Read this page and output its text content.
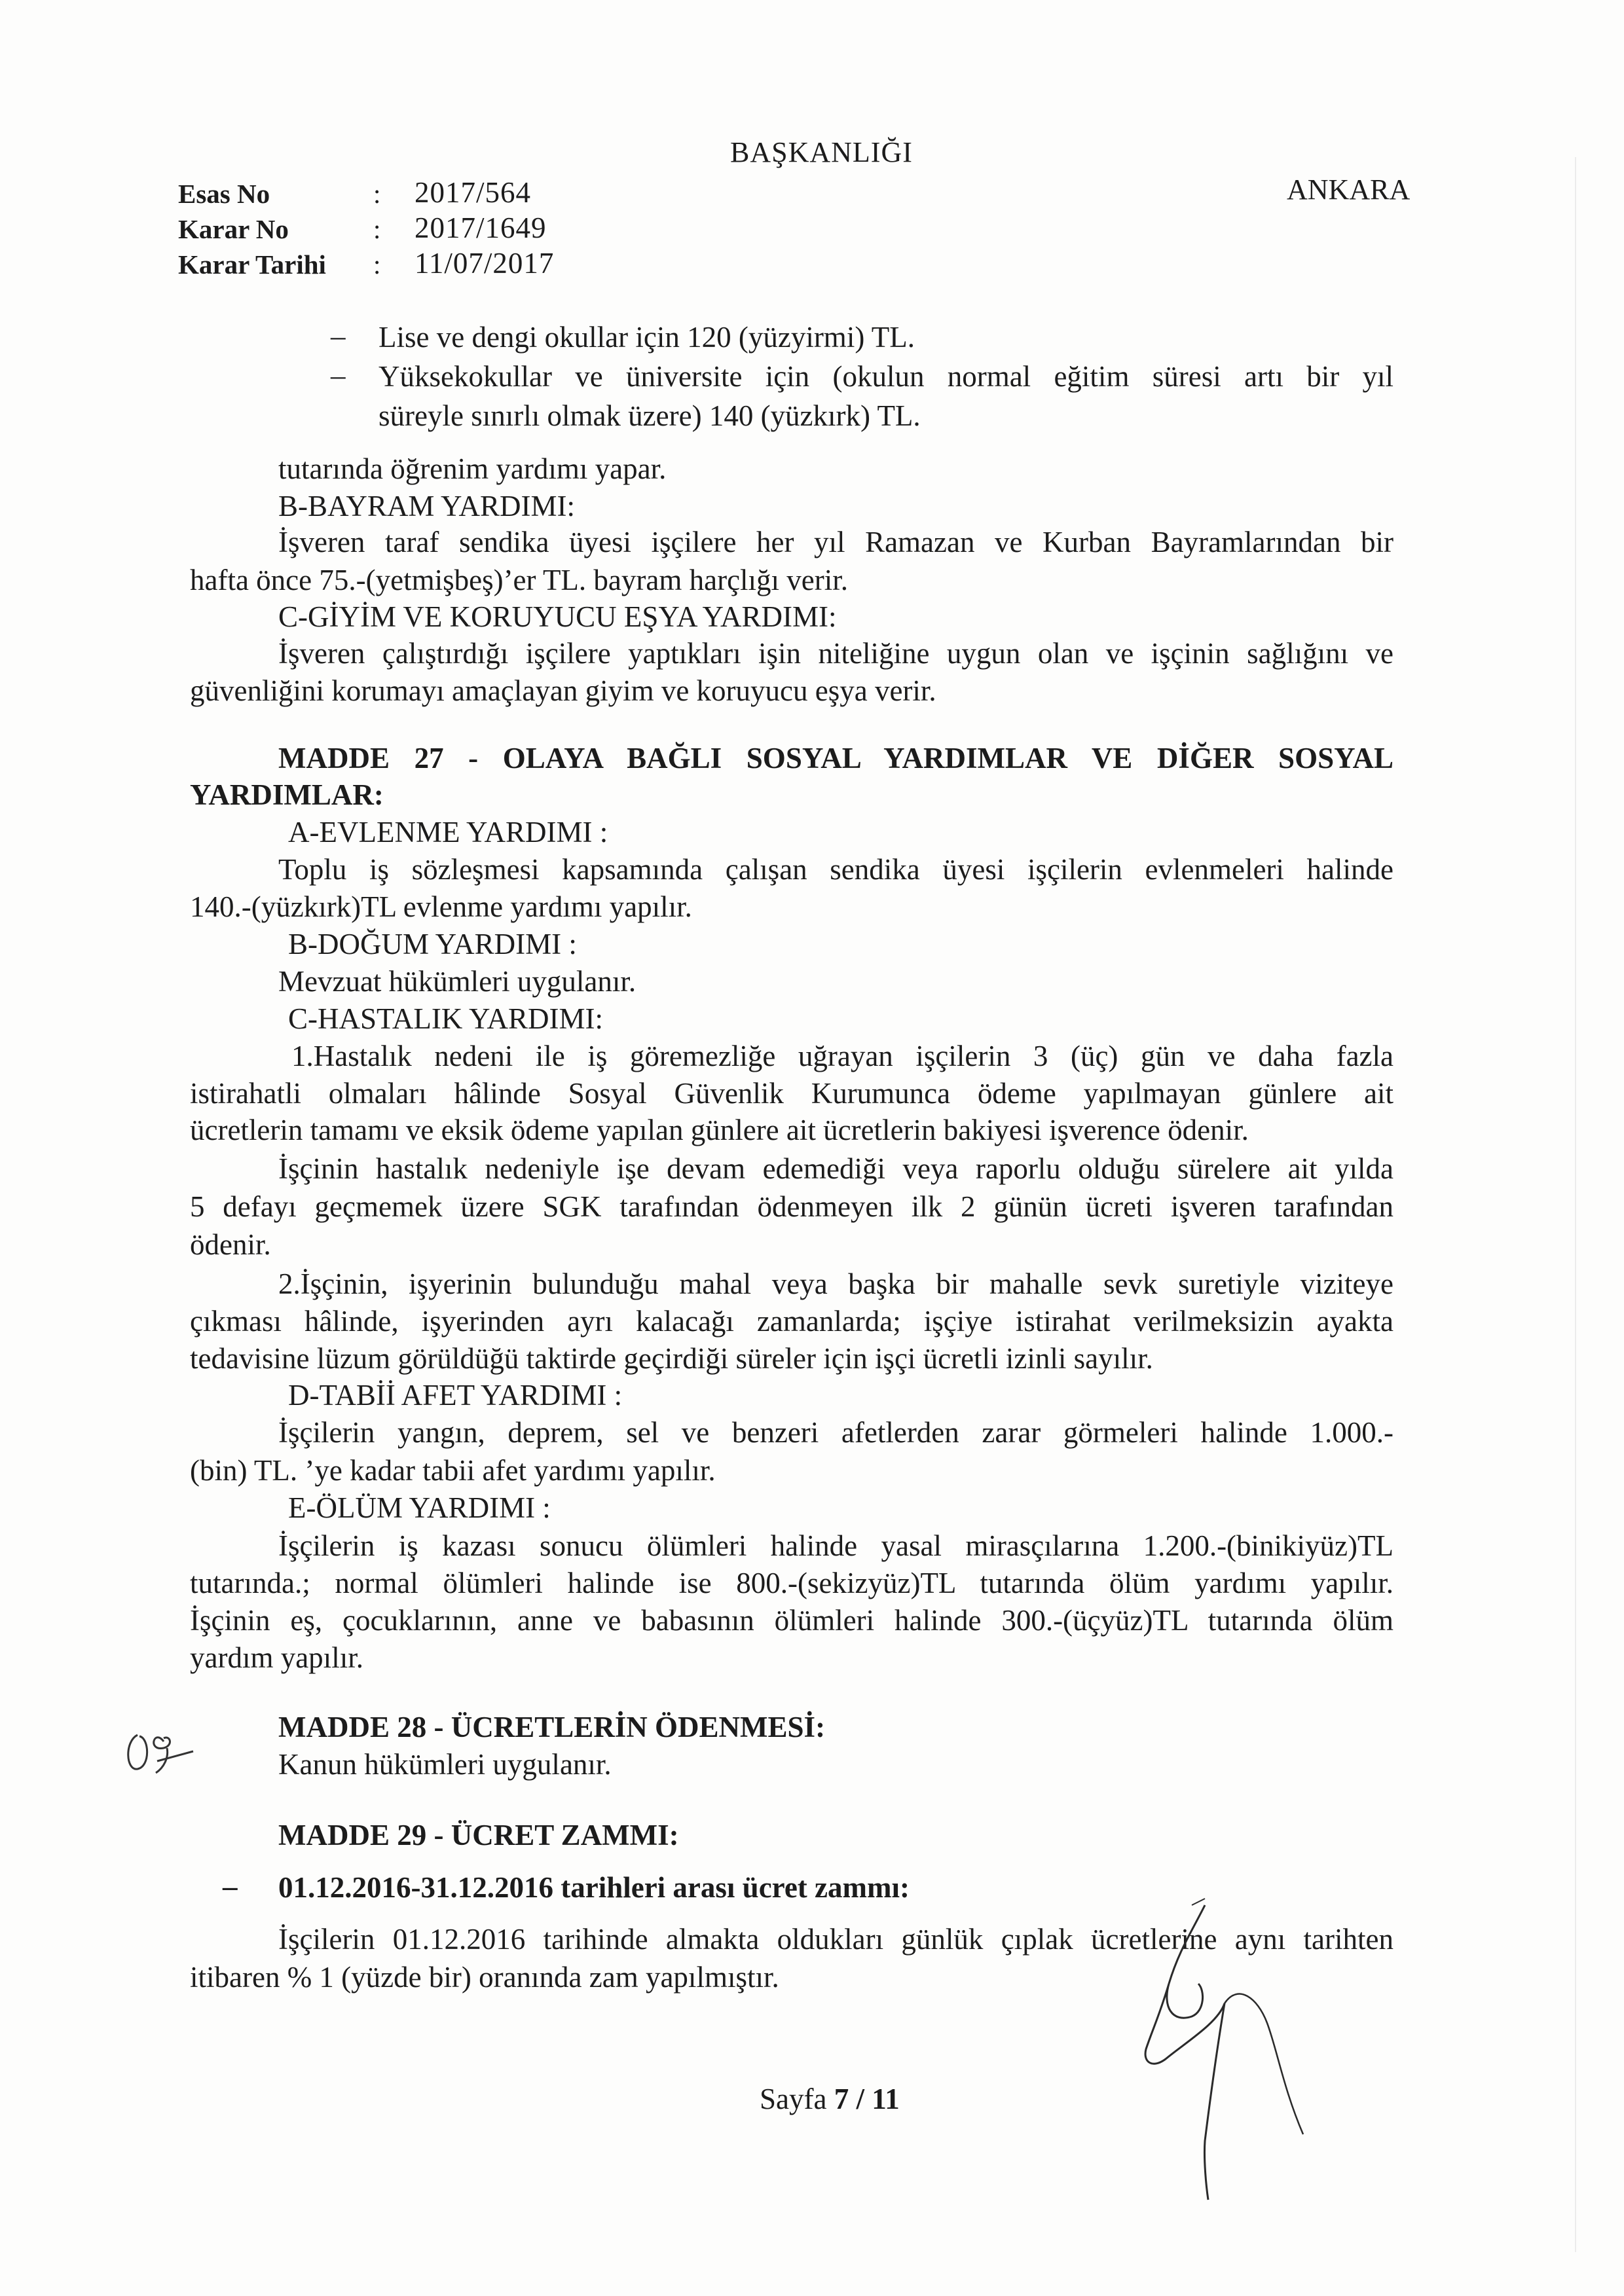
BAŞKANLIĞI
ANKARA
Esas No	: 2017/564
Karar No	: 2017/1649
Karar Tarihi : 11/07/2017
– Lise ve dengi okullar için 120 (yüzyirmi) TL.
– Yüksekokullar ve üniversite için (okulun normal eğitim süresi artı bir yıl
süreyle sınırlı olmak üzere) 140 (yüzkırk) TL.
tutarında öğrenim yardımı yapar.
B-BAYRAM YARDIMI:
İşveren taraf sendika üyesi işçilere her yıl Ramazan ve Kurban Bayramlarından bir
hafta önce 75.-(yetmişbeş)’er TL. bayram harçlığı verir.
C-GİYİM VE KORUYUCU EŞYA YARDIMI:
İşveren çalıştırdığı işçilere yaptıkları işin niteliğine uygun olan ve işçinin sağlığını ve
güvenliğini korumayı amaçlayan giyim ve koruyucu eşya verir.
MADDE 27 - OLAYA BAĞLI SOSYAL YARDIMLAR VE DİĞER SOSYAL
YARDIMLAR:
A-EVLENME YARDIMI :
Toplu iş sözleşmesi kapsamında çalışan sendika üyesi işçilerin evlenmeleri halinde
140.-(yüzkırk)TL evlenme yardımı yapılır.
B-DOĞUM YARDIMI :
Mevzuat hükümleri uygulanır.
C-HASTALIK YARDIMI:
1.Hastalık nedeni ile iş göremezliğe uğrayan işçilerin 3 (üç) gün ve daha fazla
istirahatli olmaları hâlinde Sosyal Güvenlik Kurumunca ödeme yapılmayan günlere ait
ücretlerin tamamı ve eksik ödeme yapılan günlere ait ücretlerin bakiyesi işverence ödenir.
İşçinin hastalık nedeniyle işe devam edemediği veya raporlu olduğu sürelere ait yılda
5 defayı geçmemek üzere SGK tarafından ödenmeyen ilk 2 günün ücreti işveren tarafından
ödenir.
2.İşçinin, işyerinin bulunduğu mahal veya başka bir mahalle sevk suretiyle viziteye
çıkması hâlinde, işyerinden ayrı kalacağı zamanlarda; işçiye istirahat verilmeksizin ayakta
tedavisine lüzum görüldüğü taktirde geçirdiği süreler için işçi ücretli izinli sayılır.
D-TABİİ AFET YARDIMI :
İşçilerin yangın, deprem, sel ve benzeri afetlerden zarar görmeleri halinde 1.000.-
(bin) TL. ’ye kadar tabii afet yardımı yapılır.
E-ÖLÜM YARDIMI :
İşçilerin iş kazası sonucu ölümleri halinde yasal mirasçılarına 1.200.-(binikiyüz)TL
tutarında.; normal ölümleri halinde ise 800.-(sekizyüz)TL tutarında ölüm yardımı yapılır.
İşçinin eş, çocuklarının, anne ve babasının ölümleri halinde 300.-(üçyüz)TL tutarında ölüm
yardım yapılır.
MADDE 28 - ÜCRETLERİN ÖDENMESİ:
Kanun hükümleri uygulanır.
MADDE 29 - ÜCRET ZAMMI:
– 01.12.2016-31.12.2016 tarihleri arası ücret zammı:
İşçilerin 01.12.2016 tarihinde almakta oldukları günlük çıplak ücretlerine aynı tarihten
itibaren % 1 (yüzde bir) oranında zam yapılmıştır.
Sayfa 7 / 11
